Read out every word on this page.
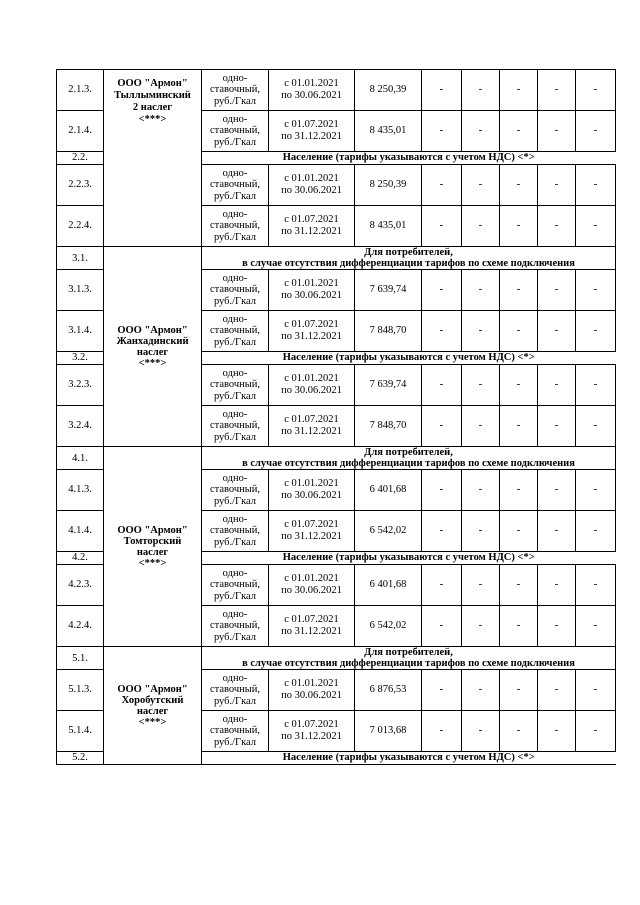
2.1.3.	ООО "Армон"
Тыллыминский
2 наслег
<***>	одно-
ставочный,
руб./Гкал	с 01.01.2021
по 30.06.2021	8 250,39	-	-	-	-	-
2.1.4.		одно-
ставочный,
руб./Гкал	с 01.07.2021
по 31.12.2021	8 435,01	-	-	-	-	-
2.2.		Население (тарифы указываются с учетом НДС) <*>							
2.2.3.		одно-
ставочный,
руб./Гкал	с 01.01.2021
по 30.06.2021	8 250,39	-	-	-	-	-
2.2.4.		одно-
ставочный,
руб./Гкал	с 01.07.2021
по 31.12.2021	8 435,01	-	-	-	-	-
3.1.	ООО "Армон"
Жанхадинский
наслег
<***>	Для потребителей,
в случае отсутствия дифференциации тарифов по схеме подключения							
3.1.3.		одно-
ставочный,
руб./Гкал	с 01.01.2021
по 30.06.2021	7 639,74	-	-	-	-	-
3.1.4.		одно-
ставочный,
руб./Гкал	с 01.07.2021
по 31.12.2021	7 848,70	-	-	-	-	-
3.2.		Население (тарифы указываются с учетом НДС) <*>							
3.2.3.		одно-
ставочный,
руб./Гкал	с 01.01.2021
по 30.06.2021	7 639,74	-	-	-	-	-
3.2.4.		одно-
ставочный,
руб./Гкал	с 01.07.2021
по 31.12.2021	7 848,70	-	-	-	-	-
4.1.	ООО "Армон"
Томторский
наслег
<***>	Для потребителей,
в случае отсутствия дифференциации тарифов по схеме подключения							
4.1.3.		одно-
ставочный,
руб./Гкал	с 01.01.2021
по 30.06.2021	6 401,68	-	-	-	-	-
4.1.4.		одно-
ставочный,
руб./Гкал	с 01.07.2021
по 31.12.2021	6 542,02	-	-	-	-	-
4.2.		Население (тарифы указываются с учетом НДС) <*>							
4.2.3.		одно-
ставочный,
руб./Гкал	с 01.01.2021
по 30.06.2021	6 401,68	-	-	-	-	-
4.2.4.		одно-
ставочный,
руб./Гкал	с 01.07.2021
по 31.12.2021	6 542,02	-	-	-	-	-
5.1.	ООО "Армон"
Хоробутский
наслег
<***>	Для потребителей,
в случае отсутствия дифференциации тарифов по схеме подключения							
5.1.3.		одно-
ставочный,
руб./Гкал	с 01.01.2021
по 30.06.2021	6 876,53	-	-	-	-	-
5.1.4.		одно-
ставочный,
руб./Гкал	с 01.07.2021
по 31.12.2021	7 013,68	-	-	-	-	-
5.2.		Население (тарифы указываются с учетом НДС) <*>							
